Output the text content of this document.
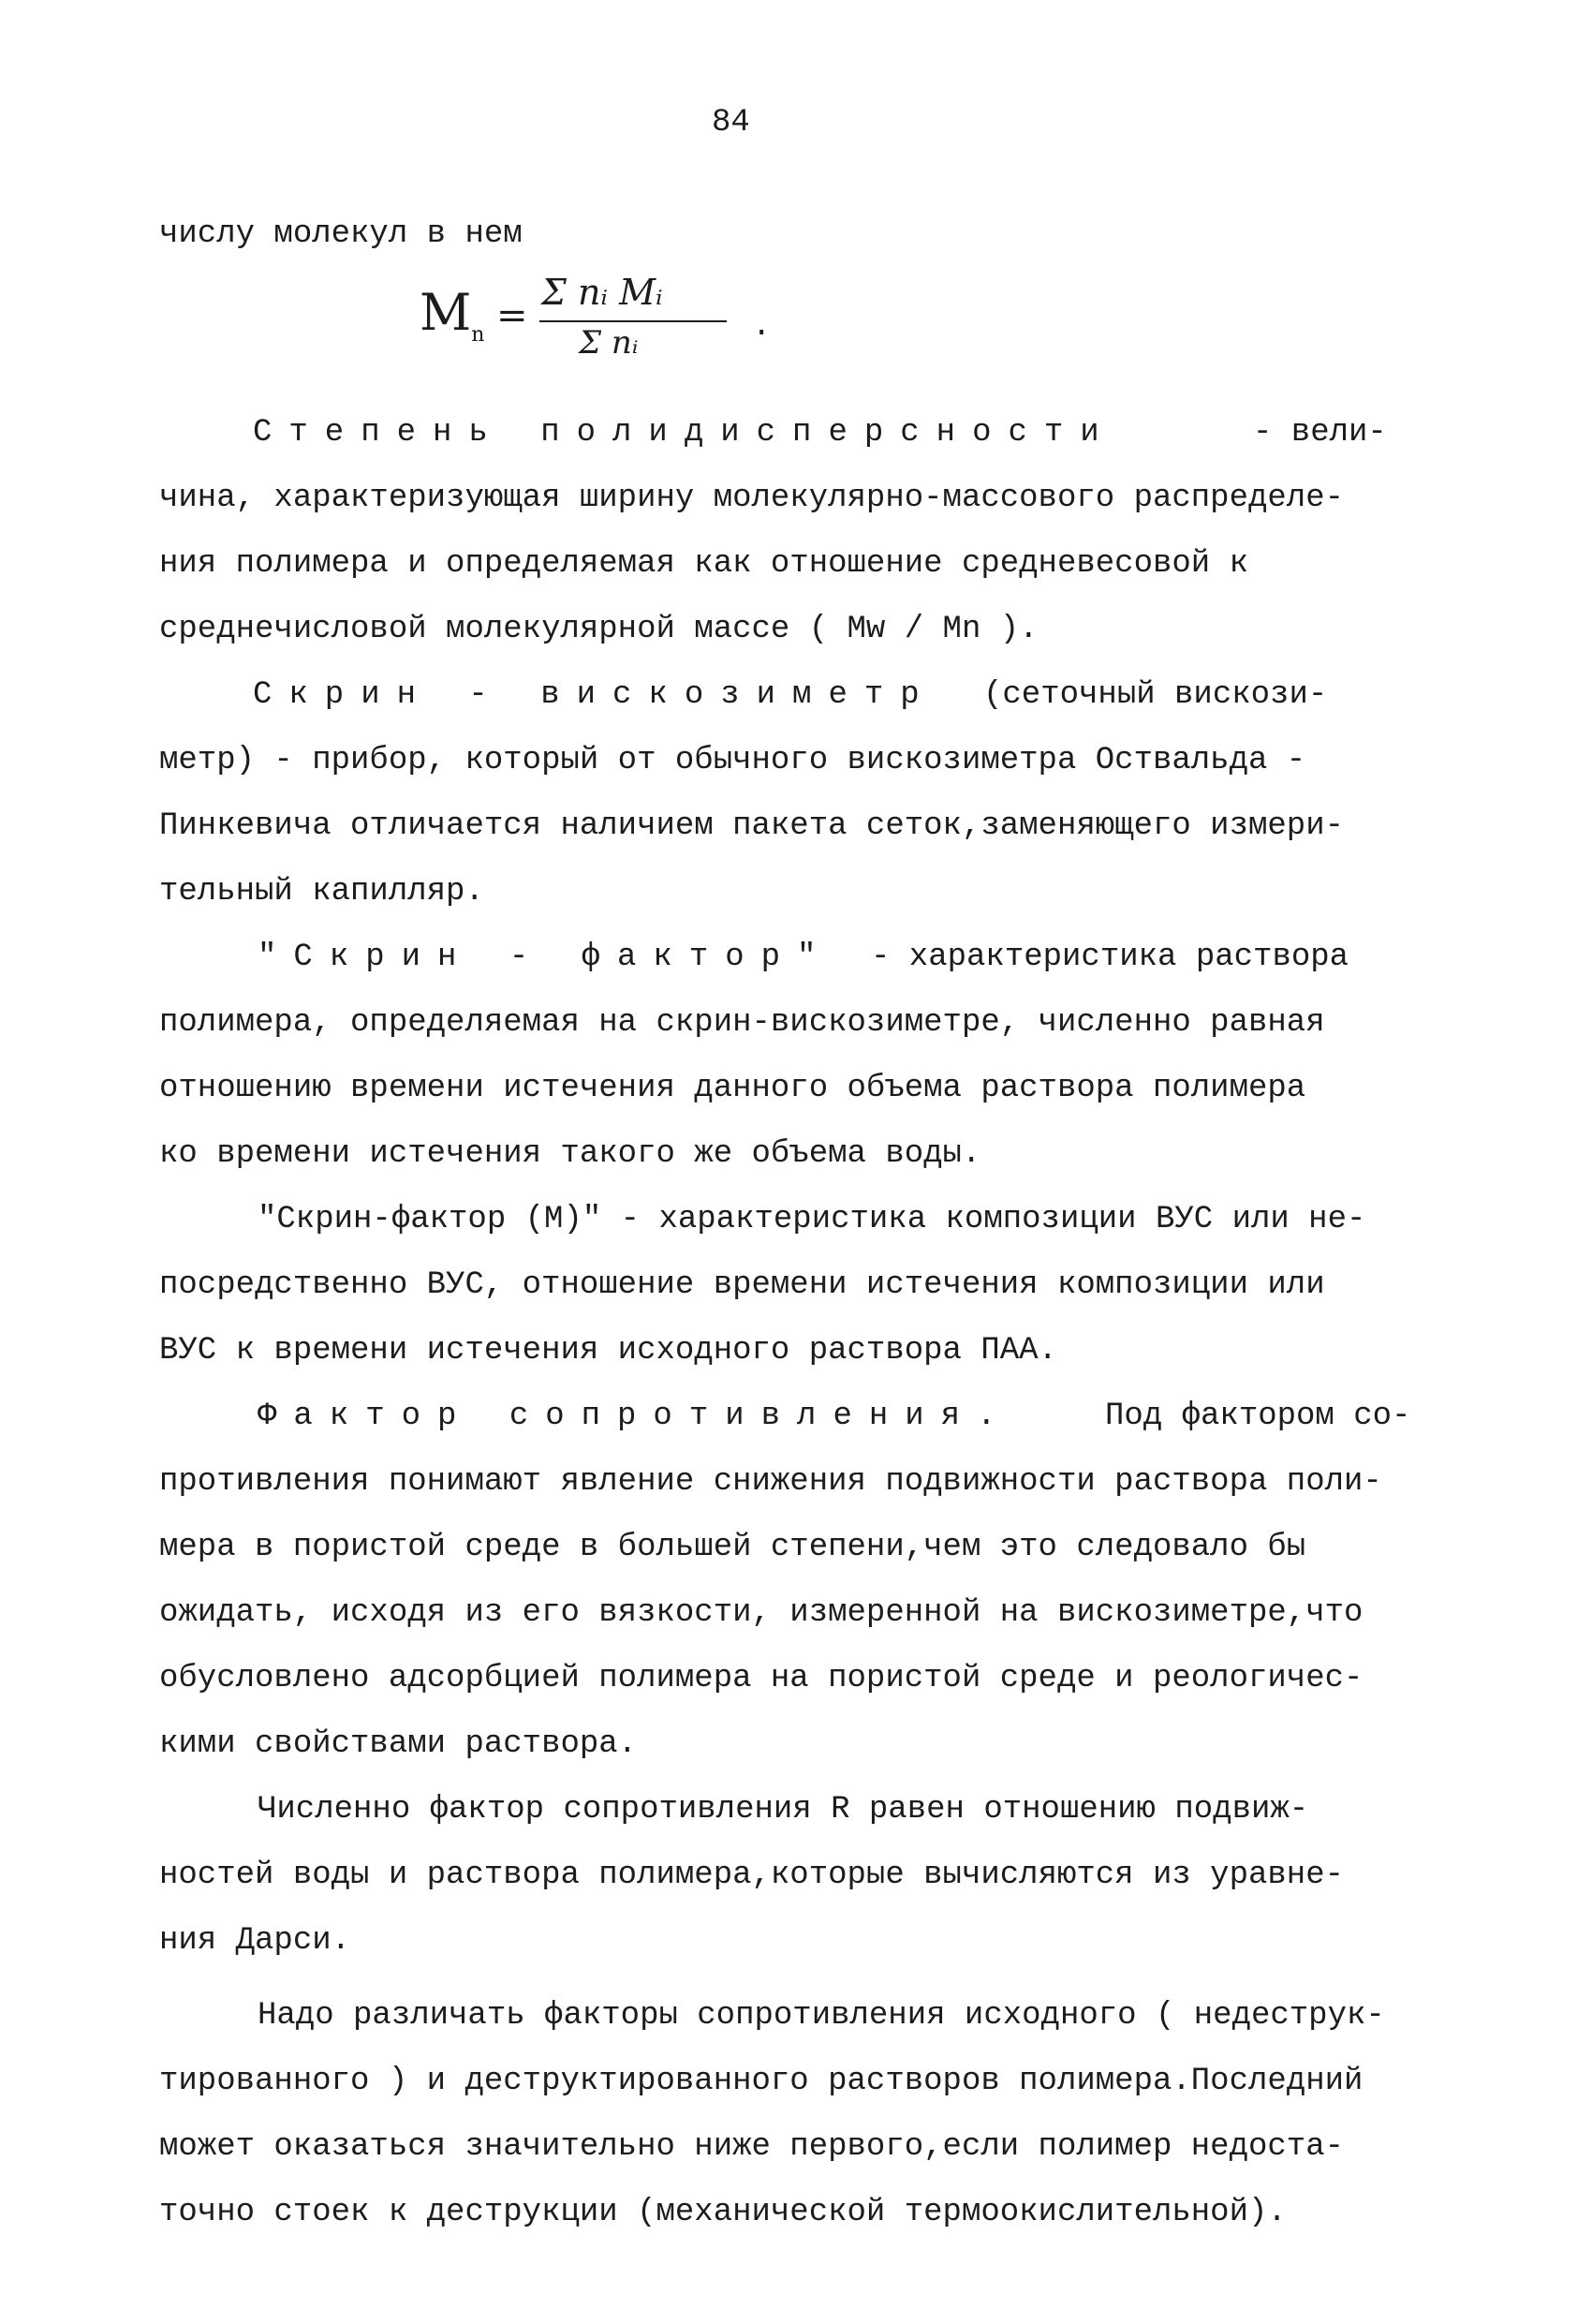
84
числу молекул в нем
$M_n$ =
Σ nᵢ Mᵢ
Σ nᵢ	.
Степень полидисперсности	- вели-
чина, характеризующая ширину молекулярно-массового распределе-
ния полимера и определяемая как отношение средневесовой к
среднечисловой молекулярной массе ( Mw / Mn ).
Скрин - вискозиметр	(сеточный вискози-
метр) - прибор, который от обычного вискозиметра Оствальда -
Пинкевича отличается наличием пакета сеток,заменяющего измери-
тельный капилляр.
"Скрин - фактор"	- характеристика раствора
полимера, определяемая на скрин-вискозиметре, численно равная
отношению времени истечения данного объема раствора полимера
ко времени истечения такого же объема воды.
"Скрин-фактор (М)" - характеристика композиции ВУС или не-
посредственно ВУС, отношение времени истечения композиции или
ВУС к времени истечения исходного раствора ПАА.
Фактор сопротивления.	Под фактором со-
противления понимают явление снижения подвижности раствора поли-
мера в пористой среде в большей степени,чем это следовало бы
ожидать, исходя из его вязкости, измеренной на вискозиметре,что
обусловлено адсорбцией полимера на пористой среде и реологичес-
кими свойствами раствора.
Численно фактор сопротивления R равен отношению подвиж-
ностей воды и раствора полимера,которые вычисляются из уравне-
ния Дарси.
Надо различать факторы сопротивления исходного ( недеструк-
тированного ) и деструктированного растворов полимера.Последний
может оказаться значительно ниже первого,если полимер недоста-
точно стоек к деструкции (механической термоокислительной).
